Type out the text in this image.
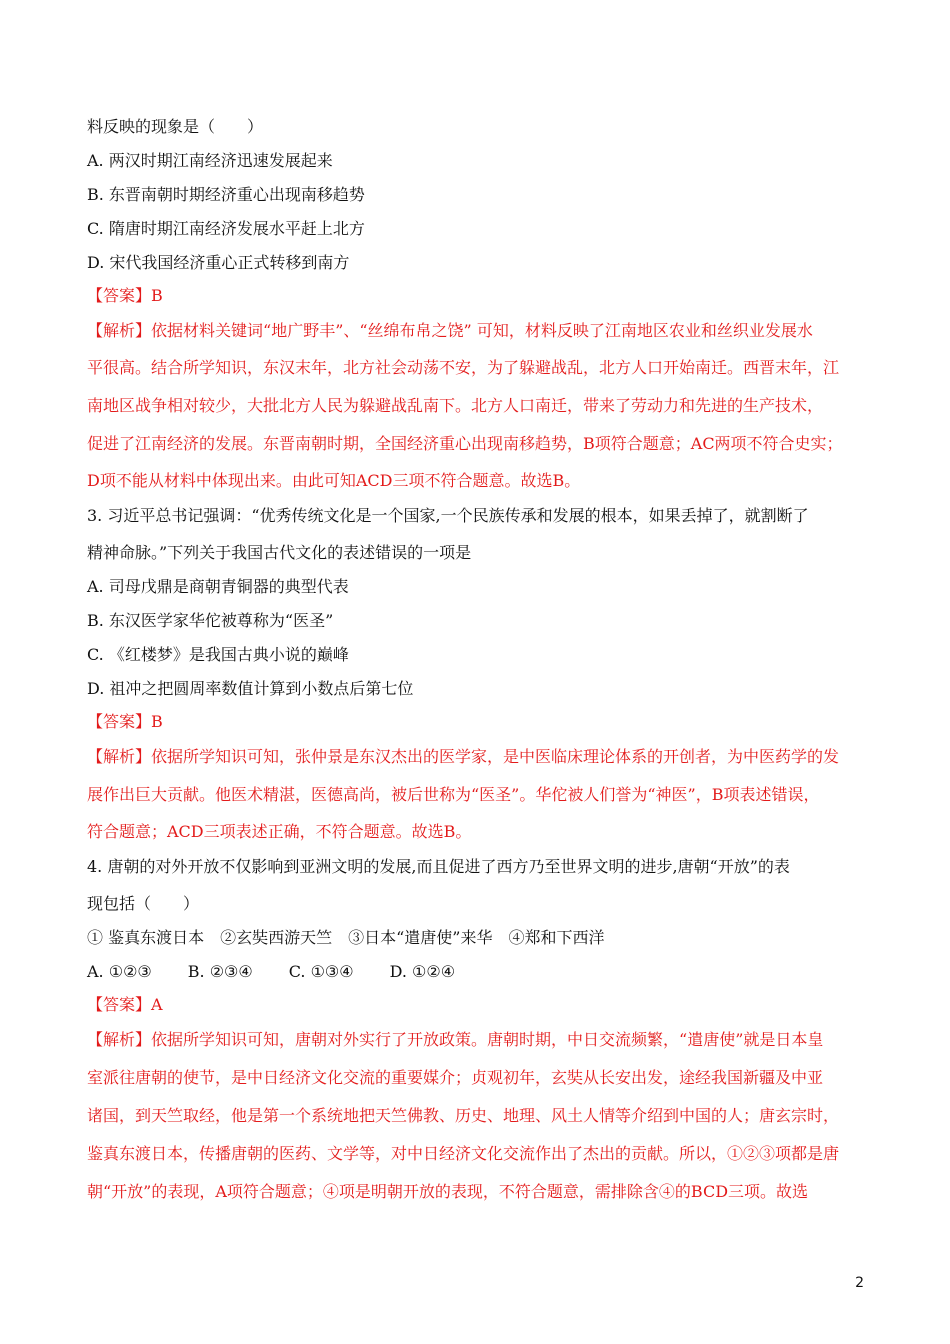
料反映的现象是（　　）
A. 两汉时期江南经济迅速发展起来
B. 东晋南朝时期经济重心出现南移趋势
C. 隋唐时期江南经济发展水平赶上北方
D. 宋代我国经济重心正式转移到南方
【答案】B
【解析】依据材料关键词“地广野丰”、“丝绵布帛之饶” 可知，材料反映了江南地区农业和丝织业发展水
平很高。结合所学知识，东汉末年，北方社会动荡不安，为了躲避战乱，北方人口开始南迁。西晋末年，江
南地区战争相对较少，大批北方人民为躲避战乱南下。北方人口南迁，带来了劳动力和先进的生产技术，
促进了江南经济的发展。东晋南朝时期，全国经济重心出现南移趋势，B项符合题意；AC两项不符合史实；
D项不能从材料中体现出来。由此可知ACD三项不符合题意。故选B。
3. 习近平总书记强调：“优秀传统文化是一个国家,一个民族传承和发展的根本，如果丢掉了，就割断了
精神命脉。”下列关于我国古代文化的表述错误的一项是
A. 司母戊鼎是商朝青铜器的典型代表
B. 东汉医学家华佗被尊称为“医圣”
C. 《红楼梦》是我国古典小说的巅峰
D. 祖冲之把圆周率数值计算到小数点后第七位
【答案】B
【解析】依据所学知识可知，张仲景是东汉杰出的医学家，是中医临床理论体系的开创者，为中医药学的发
展作出巨大贡献。他医术精湛，医德高尚，被后世称为“医圣”。华佗被人们誉为“神医”，B项表述错误，
符合题意；ACD三项表述正确，不符合题意。故选B。
4. 唐朝的对外开放不仅影响到亚洲文明的发展,而且促进了西方乃至世界文明的进步,唐朝“开放”的表
现包括（　　）
① 鉴真东渡日本　②玄奘西游天竺　③日本“遣唐使”来华　④郑和下西洋
A. ①②③ B. ②③④ C. ①③④ D. ①②④
【答案】A
【解析】依据所学知识可知，唐朝对外实行了开放政策。唐朝时期，中日交流频繁，“遣唐使”就是日本皇
室派往唐朝的使节，是中日经济文化交流的重要媒介；贞观初年，玄奘从长安出发，途经我国新疆及中亚
诸国，到天竺取经，他是第一个系统地把天竺佛教、历史、地理、风土人情等介绍到中国的人；唐玄宗时，
鉴真东渡日本，传播唐朝的医药、文学等，对中日经济文化交流作出了杰出的贡献。所以，①②③项都是唐
朝“开放”的表现，A项符合题意；④项是明朝开放的表现，不符合题意，需排除含④的BCD三项。故选
2
